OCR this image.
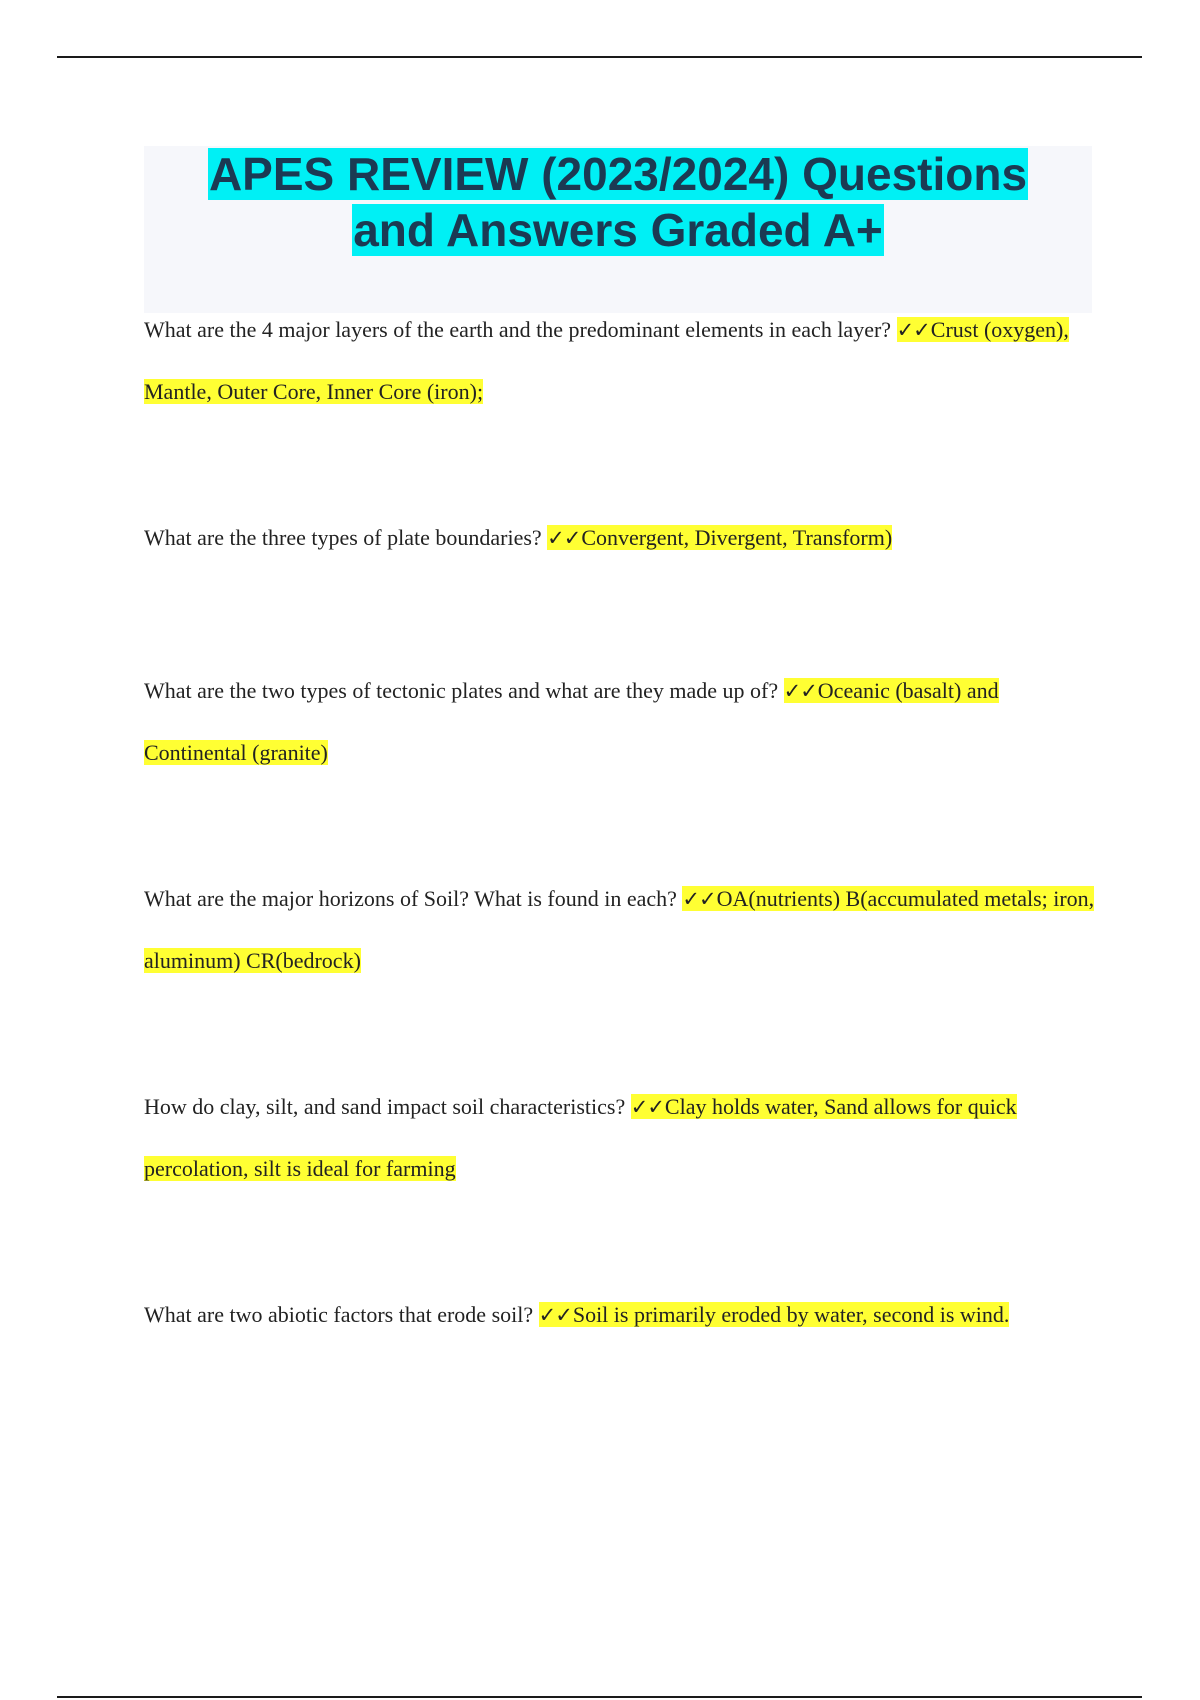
APES REVIEW (2023/2024) Questions
and Answers Graded A+

What are the 4 major layers of the earth and the predominant elements in each layer? ✓✓Crust (oxygen), Mantle, Outer Core, Inner Core (iron);

What are the three types of plate boundaries? ✓✓Convergent, Divergent, Transform)

What are the two types of tectonic plates and what are they made up of? ✓✓Oceanic (basalt) and Continental (granite)

What are the major horizons of Soil? What is found in each? ✓✓OA(nutrients) B(accumulated metals; iron, aluminum) CR(bedrock)

How do clay, silt, and sand impact soil characteristics? ✓✓Clay holds water, Sand allows for quick percolation, silt is ideal for farming

What are two abiotic factors that erode soil? ✓✓Soil is primarily eroded by water, second is wind.
